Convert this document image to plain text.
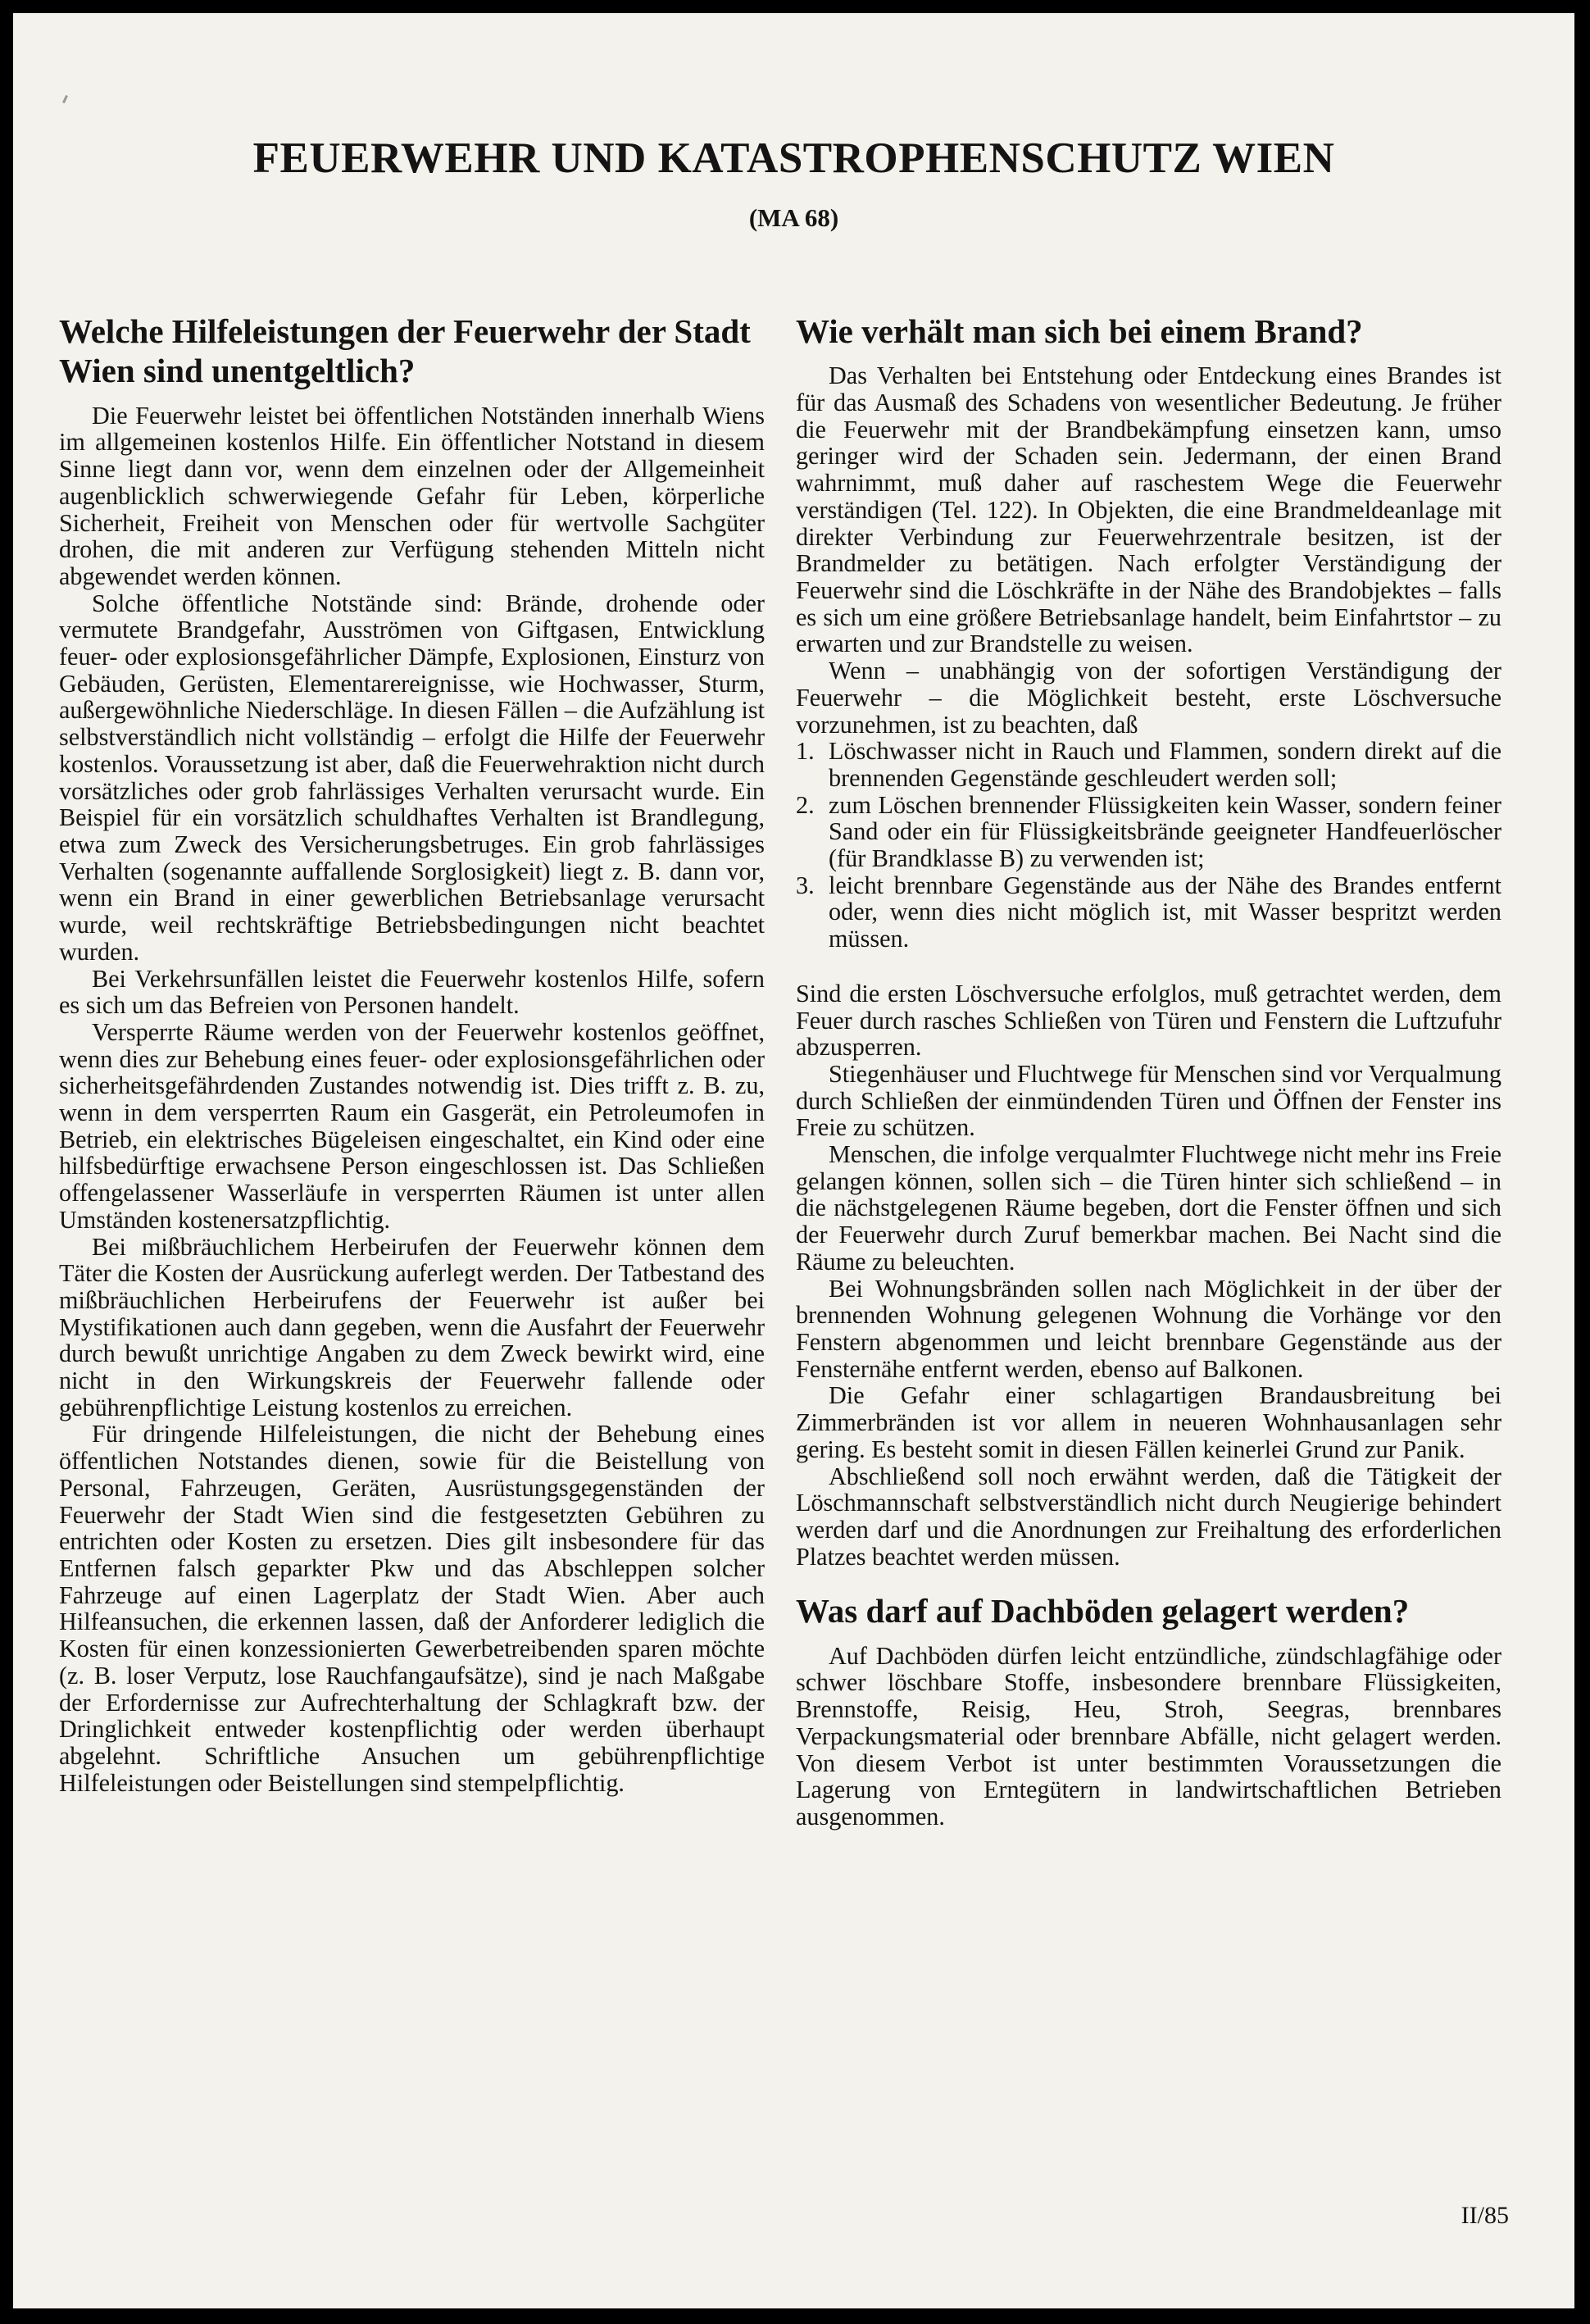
FEUERWEHR UND KATASTROPHENSCHUTZ WIEN
(MA 68)
Welche Hilfeleistungen der Feuerwehr der Stadt Wien sind unentgeltlich?

Die Feuerwehr leistet bei öffentlichen Notständen innerhalb Wiens im allgemeinen kostenlos Hilfe. Ein öffentlicher Notstand in diesem Sinne liegt dann vor, wenn dem einzelnen oder der Allgemeinheit augenblicklich schwerwiegende Gefahr für Leben, körperliche Sicherheit, Freiheit von Menschen oder für wertvolle Sachgüter drohen, die mit anderen zur Verfügung stehenden Mitteln nicht abgewendet werden können.

Solche öffentliche Notstände sind: Brände, drohende oder vermutete Brandgefahr, Ausströmen von Giftgasen, Entwicklung feuer- oder explosionsgefährlicher Dämpfe, Explosionen, Einsturz von Gebäuden, Gerüsten, Elementarereignisse, wie Hochwasser, Sturm, außergewöhnliche Niederschläge. In diesen Fällen – die Aufzählung ist selbstverständlich nicht vollständig – erfolgt die Hilfe der Feuerwehr kostenlos. Voraussetzung ist aber, daß die Feuerwehraktion nicht durch vorsätzliches oder grob fahrlässiges Verhalten verursacht wurde. Ein Beispiel für ein vorsätzlich schuldhaftes Verhalten ist Brandlegung, etwa zum Zweck des Versicherungsbetruges. Ein grob fahrlässiges Verhalten (sogenannte auffallende Sorglosigkeit) liegt z. B. dann vor, wenn ein Brand in einer gewerblichen Betriebsanlage verursacht wurde, weil rechtskräftige Betriebsbedingungen nicht beachtet wurden.

Bei Verkehrsunfällen leistet die Feuerwehr kostenlos Hilfe, sofern es sich um das Befreien von Personen handelt.

Versperrte Räume werden von der Feuerwehr kostenlos geöffnet, wenn dies zur Behebung eines feuer- oder explosionsgefährlichen oder sicherheitsgefährdenden Zustandes notwendig ist. Dies trifft z. B. zu, wenn in dem versperrten Raum ein Gasgerät, ein Petroleumofen in Betrieb, ein elektrisches Bügeleisen eingeschaltet, ein Kind oder eine hilfsbedürftige erwachsene Person eingeschlossen ist. Das Schließen offengelassener Wasserläufe in versperrten Räumen ist unter allen Umständen kostenersatzpflichtig.

Bei mißbräuchlichem Herbeirufen der Feuerwehr können dem Täter die Kosten der Ausrückung auferlegt werden. Der Tatbestand des mißbräuchlichen Herbeirufens der Feuerwehr ist außer bei Mystifikationen auch dann gegeben, wenn die Ausfahrt der Feuerwehr durch bewußt unrichtige Angaben zu dem Zweck bewirkt wird, eine nicht in den Wirkungskreis der Feuerwehr fallende oder gebührenpflichtige Leistung kostenlos zu erreichen.

Für dringende Hilfeleistungen, die nicht der Behebung eines öffentlichen Notstandes dienen, sowie für die Beistellung von Personal, Fahrzeugen, Geräten, Ausrüstungsgegenständen der Feuerwehr der Stadt Wien sind die festgesetzten Gebühren zu entrichten oder Kosten zu ersetzen. Dies gilt insbesondere für das Entfernen falsch geparkter Pkw und das Abschleppen solcher Fahrzeuge auf einen Lagerplatz der Stadt Wien. Aber auch Hilfeansuchen, die erkennen lassen, daß der Anforderer lediglich die Kosten für einen konzessionierten Gewerbetreibenden sparen möchte (z. B. loser Verputz, lose Rauchfangaufsätze), sind je nach Maßgabe der Erfordernisse zur Aufrechterhaltung der Schlagkraft bzw. der Dringlichkeit entweder kostenpflichtig oder werden überhaupt abgelehnt. Schriftliche Ansuchen um gebührenpflichtige Hilfeleistungen oder Beistellungen sind stempelpflichtig.

Wie verhält man sich bei einem Brand?

Das Verhalten bei Entstehung oder Entdeckung eines Brandes ist für das Ausmaß des Schadens von wesentlicher Bedeutung. Je früher die Feuerwehr mit der Brandbekämpfung einsetzen kann, umso geringer wird der Schaden sein. Jedermann, der einen Brand wahrnimmt, muß daher auf raschestem Wege die Feuerwehr verständigen (Tel. 122). In Objekten, die eine Brandmeldeanlage mit direkter Verbindung zur Feuerwehrzentrale besitzen, ist der Brandmelder zu betätigen. Nach erfolgter Verständigung der Feuerwehr sind die Löschkräfte in der Nähe des Brandobjektes – falls es sich um eine größere Betriebsanlage handelt, beim Einfahrtstor – zu erwarten und zur Brandstelle zu weisen.

Wenn – unabhängig von der sofortigen Verständigung der Feuerwehr – die Möglichkeit besteht, erste Löschversuche vorzunehmen, ist zu beachten, daß

1. Löschwasser nicht in Rauch und Flammen, sondern direkt auf die brennenden Gegenstände geschleudert werden soll;
2. zum Löschen brennender Flüssigkeiten kein Wasser, sondern feiner Sand oder ein für Flüssigkeitsbrände geeigneter Handfeuerlöscher (für Brandklasse B) zu verwenden ist;
3. leicht brennbare Gegenstände aus der Nähe des Brandes entfernt oder, wenn dies nicht möglich ist, mit Wasser bespritzt werden müssen.

Sind die ersten Löschversuche erfolglos, muß getrachtet werden, dem Feuer durch rasches Schließen von Türen und Fenstern die Luftzufuhr abzusperren.

Stiegenhäuser und Fluchtwege für Menschen sind vor Verqualmung durch Schließen der einmündenden Türen und Öffnen der Fenster ins Freie zu schützen.

Menschen, die infolge verqualmter Fluchtwege nicht mehr ins Freie gelangen können, sollen sich – die Türen hinter sich schließend – in die nächstgelegenen Räume begeben, dort die Fenster öffnen und sich der Feuerwehr durch Zuruf bemerkbar machen. Bei Nacht sind die Räume zu beleuchten.

Bei Wohnungsbränden sollen nach Möglichkeit in der über der brennenden Wohnung gelegenen Wohnung die Vorhänge vor den Fenstern abgenommen und leicht brennbare Gegenstände aus der Fensternähe entfernt werden, ebenso auf Balkonen.

Die Gefahr einer schlagartigen Brandausbreitung bei Zimmerbränden ist vor allem in neueren Wohnhausanlagen sehr gering. Es besteht somit in diesen Fällen keinerlei Grund zur Panik.

Abschließend soll noch erwähnt werden, daß die Tätigkeit der Löschmannschaft selbstverständlich nicht durch Neugierige behindert werden darf und die Anordnungen zur Freihaltung des erforderlichen Platzes beachtet werden müssen.

Was darf auf Dachböden gelagert werden?

Auf Dachböden dürfen leicht entzündliche, zündschlagfähige oder schwer löschbare Stoffe, insbesondere brennbare Flüssigkeiten, Brennstoffe, Reisig, Heu, Stroh, Seegras, brennbares Verpackungsmaterial oder brennbare Abfälle, nicht gelagert werden. Von diesem Verbot ist unter bestimmten Voraussetzungen die Lagerung von Erntegütern in landwirtschaftlichen Betrieben ausgenommen.

II/85
